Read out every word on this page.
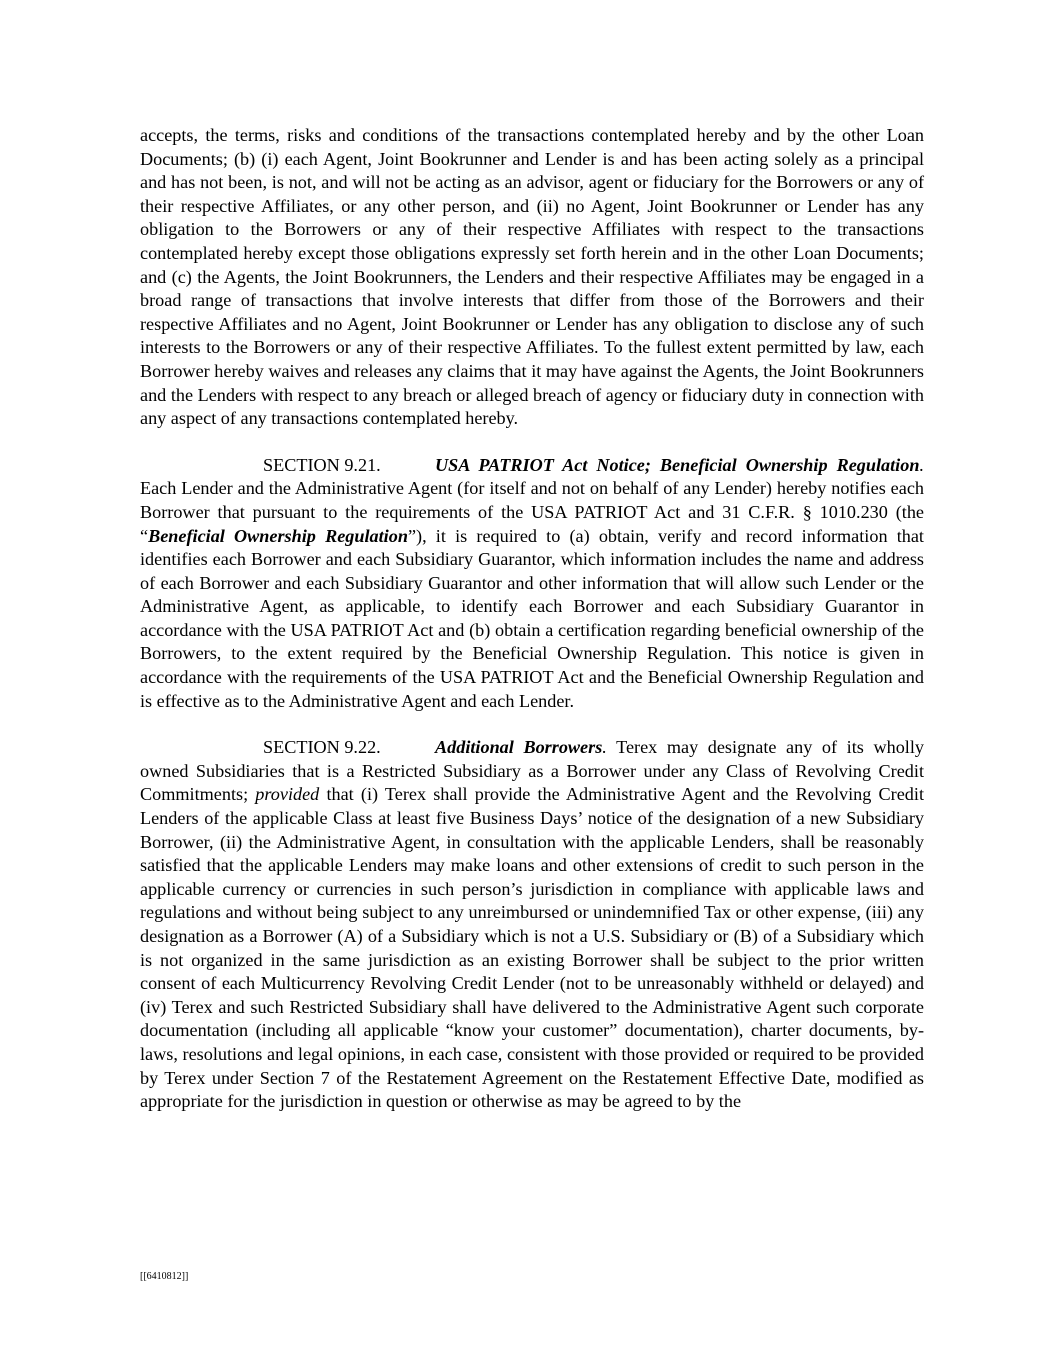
accepts, the terms, risks and conditions of the transactions contemplated hereby and by the other Loan Documents; (b) (i) each Agent, Joint Bookrunner and Lender is and has been acting solely as a principal and has not been, is not, and will not be acting as an advisor, agent or fiduciary for the Borrowers or any of their respective Affiliates, or any other person, and (ii) no Agent, Joint Bookrunner or Lender has any obligation to the Borrowers or any of their respective Affiliates with respect to the transactions contemplated hereby except those obligations expressly set forth herein and in the other Loan Documents; and (c) the Agents, the Joint Bookrunners, the Lenders and their respective Affiliates may be engaged in a broad range of transactions that involve interests that differ from those of the Borrowers and their respective Affiliates and no Agent, Joint Bookrunner or Lender has any obligation to disclose any of such interests to the Borrowers or any of their respective Affiliates. To the fullest extent permitted by law, each Borrower hereby waives and releases any claims that it may have against the Agents, the Joint Bookrunners and the Lenders with respect to any breach or alleged breach of agency or fiduciary duty in connection with any aspect of any transactions contemplated hereby.

SECTION 9.21.	USA PATRIOT Act Notice; Beneficial Ownership Regulation. Each Lender and the Administrative Agent (for itself and not on behalf of any Lender) hereby notifies each Borrower that pursuant to the requirements of the USA PATRIOT Act and 31 C.F.R. § 1010.230 (the “Beneficial Ownership Regulation”), it is required to (a) obtain, verify and record information that identifies each Borrower and each Subsidiary Guarantor, which information includes the name and address of each Borrower and each Subsidiary Guarantor and other information that will allow such Lender or the Administrative Agent, as applicable, to identify each Borrower and each Subsidiary Guarantor in accordance with the USA PATRIOT Act and (b) obtain a certification regarding beneficial ownership of the Borrowers, to the extent required by the Beneficial Ownership Regulation. This notice is given in accordance with the requirements of the USA PATRIOT Act and the Beneficial Ownership Regulation and is effective as to the Administrative Agent and each Lender.

SECTION 9.22.	Additional Borrowers. Terex may designate any of its wholly owned Subsidiaries that is a Restricted Subsidiary as a Borrower under any Class of Revolving Credit Commitments; provided that (i) Terex shall provide the Administrative Agent and the Revolving Credit Lenders of the applicable Class at least five Business Days’ notice of the designation of a new Subsidiary Borrower, (ii) the Administrative Agent, in consultation with the applicable Lenders, shall be reasonably satisfied that the applicable Lenders may make loans and other extensions of credit to such person in the applicable currency or currencies in such person’s jurisdiction in compliance with applicable laws and regulations and without being subject to any unreimbursed or unindemnified Tax or other expense, (iii) any designation as a Borrower (A) of a Subsidiary which is not a U.S. Subsidiary or (B) of a Subsidiary which is not organized in the same jurisdiction as an existing Borrower shall be subject to the prior written consent of each Multicurrency Revolving Credit Lender (not to be unreasonably withheld or delayed) and (iv) Terex and such Restricted Subsidiary shall have delivered to the Administrative Agent such corporate documentation (including all applicable “know your customer” documentation), charter documents, by-laws, resolutions and legal opinions, in each case, consistent with those provided or required to be provided by Terex under Section 7 of the Restatement Agreement on the Restatement Effective Date, modified as appropriate for the jurisdiction in question or otherwise as may be agreed to by the

[[6410812]]
